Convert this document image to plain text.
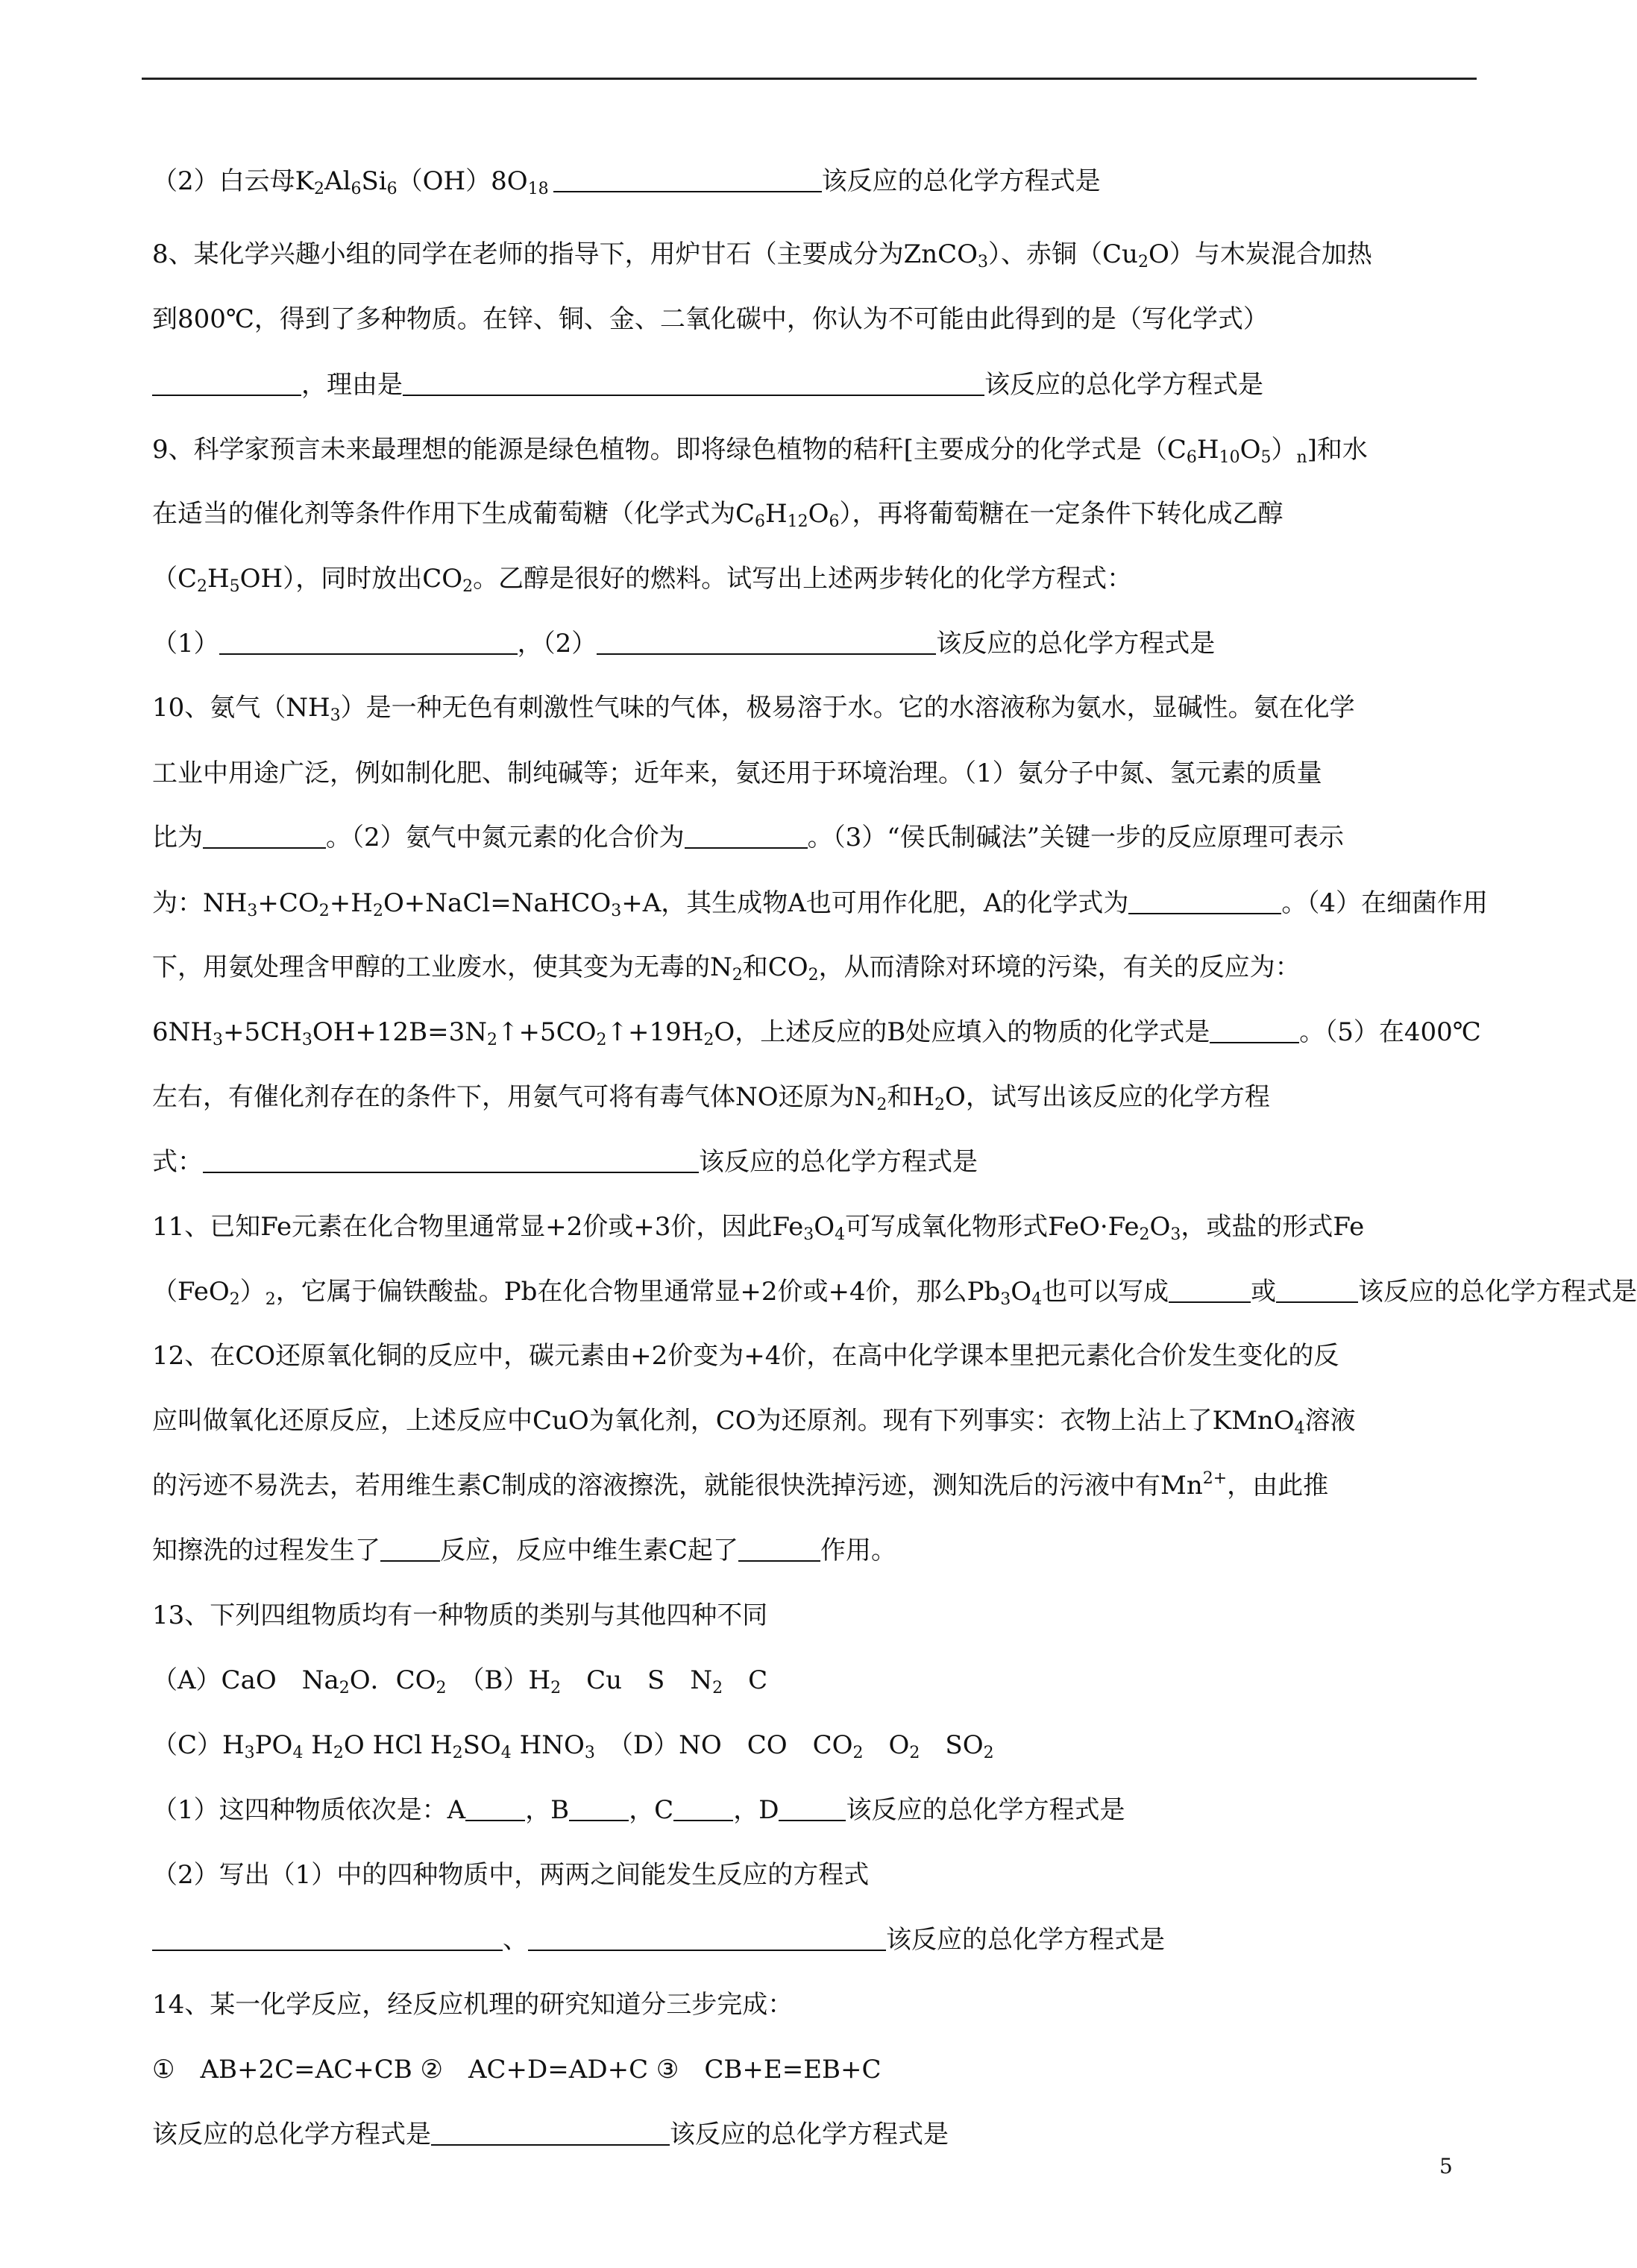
（2）白云母$K_2Al_6Si_6(OH)8O_{18}$	该反应的总化学方程式是
8、某化学兴趣小组的同学在老师的指导下，用炉甘石（主要成分为ZnCO$_3$）、赤铜$(Cu_2O)$与木炭混合加热
到800℃，得到了多种物质。在锌、铜、金、二氧化碳中，你认为不可能由此得到的是（写化学式）
，理由是	该反应的总化学方程式是
9、科学家预言未来最理想的能源是绿色植物。即将绿色植物的秸秆[主要成分的化学式是$(C_6H_{10}O_5)_n$]和水
在适当的催化剂等条件作用下生成葡萄糖（化学式为$C_6H_{12}O_6$），再将葡萄糖在一定条件下转化成乙醇
$(C_2H_5OH)$，同时放出$CO_2$。乙醇是很好的燃料。试写出上述两步转化的化学方程式：
（1）	，（2）	该反应的总化学方程式是
10、氨气$(NH_3)$是一种无色有刺激性气味的气体，极易溶于水。它的水溶液称为氨水，显碱性。氨在化学
工业中用途广泛，例如制化肥、制纯碱等；近年来，氨还用于环境治理。（1）氨分子中氮、氢元素的质量
比为	。（2）氨气中氮元素的化合价为	。（3）“侯氏制碱法”关键一步的反应原理可表示
为：$NH_3+CO_2+H_2O+NaCl=NaHCO_3+A$，其生成物A也可用作化肥，A的化学式为	。（4）在细菌作用
下，用氨处理含甲醇的工业废水，使其变为无毒的$N_2$和$CO_2$，从而清除对环境的污染，有关的反应为：
$6NH_3+5CH_3OH+12B=3N_2↑+5CO_2↑+19H_2O$，上述反应的B处应填入的物质的化学式是	。（5）在400℃
左右，有催化剂存在的条件下，用氨气可将有毒气体NO还原为$N_2$和$H_2O$，试写出该反应的化学方程
式：	该反应的总化学方程式是
11、已知Fe元素在化合物里通常显+2价或+3价，因此$Fe_3O_4$可写成氧化物形式$FeO\cdot Fe_2O_3$，或盐的形式Fe
$(FeO_2)_2$，它属于偏铁酸盐。Pb在化合物里通常显+2价或+4价，那么$Pb_3O_4$也可以写成	或	该反应的总化学方程式是
12、在CO还原氧化铜的反应中，碳元素由+2价变为+4价，在高中化学课本里把元素化合价发生变化的反
应叫做氧化还原反应，上述反应中CuO为氧化剂，CO为还原剂。现有下列事实：衣物上沾上了KMnO$_4$溶液
的污迹不易洗去，若用维生素C制成的溶液擦洗，就能很快洗掉污迹，测知洗后的污液中有$Mn^{2+}$，由此推
知擦洗的过程发生了 反应，反应中维生素C起了	作用。
13、下列四组物质均有一种物质的类别与其他四种不同
（A）CaO　$Na_2O$．$CO_2$　$(B)H_2$　Cu　S　$N_2$　C
$(C)H_3PO_4$ $H_2O$ HCl $H_2SO_4$ $HNO_3$　（D）NO　CO　$CO_2$　$O_2$　$SO_2$
（1）这四种物质依次是：A ，B ，C ，D	该反应的总化学方程式是
（2）写出（1）中的四种物质中，两两之间能发生反应的方程式
、	该反应的总化学方程式是
14、某一化学反应，经反应机理的研究知道分三步完成：
①　AB+2C=AC+CB ②　AC+D=AD+C ③　CB+E=EB+C
该反应的总化学方程式是	该反应的总化学方程式是
5
